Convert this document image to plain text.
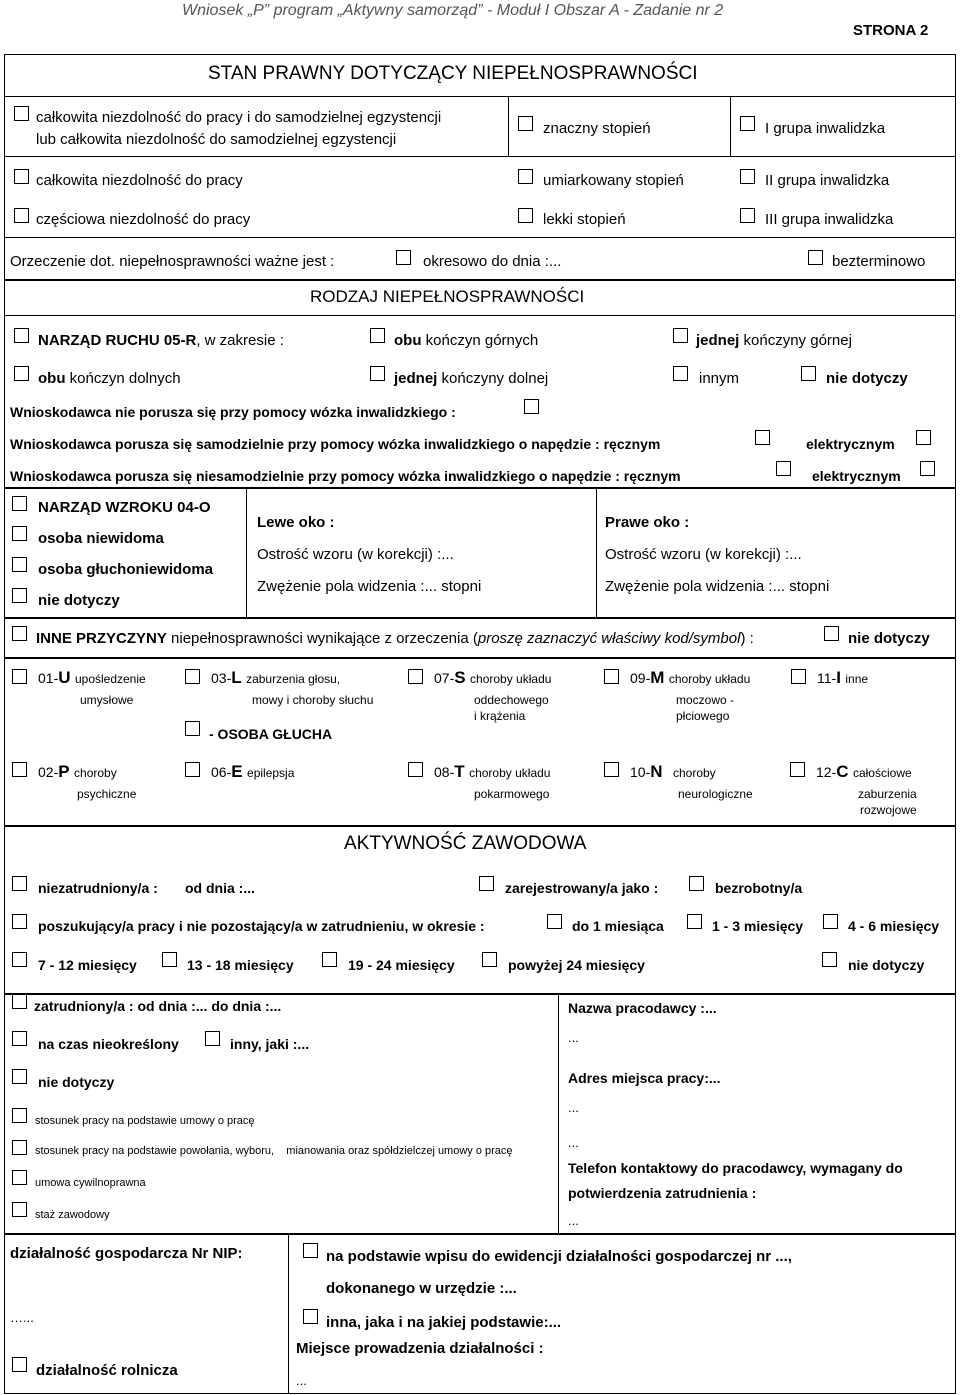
Wniosek „P” program „Aktywny samorząd” - Moduł I Obszar A - Zadanie nr 2
STRONA 2
STAN PRAWNY DOTYCZĄCY NIEPEŁNOSPRAWNOŚCI
całkowita niezdolność do pracy i do samodzielnej egzystencji
lub całkowita niezdolność do samodzielnej egzystencji
znaczny stopień	I grupa inwalidzka
całkowita niezdolność do pracy	umiarkowany stopień	II grupa inwalidzka
częściowa niezdolność do pracy	lekki stopień	III grupa inwalidzka
Orzeczenie dot. niepełnosprawności ważne jest :	okresowo do dnia :...	bezterminowo
RODZAJ NIEPEŁNOSPRAWNOŚCI
NARZĄD RUCHU 05-R, w zakresie :	obu kończyn górnych	jednej kończyny górnej
obu kończyn dolnych	jednej kończyny dolnej	innym	nie dotyczy
Wnioskodawca nie porusza się przy pomocy wózka inwalidzkiego :
Wnioskodawca porusza się samodzielnie przy pomocy wózka inwalidzkiego o napędzie : ręcznym	elektrycznym
Wnioskodawca porusza się niesamodzielnie przy pomocy wózka inwalidzkiego o napędzie : ręcznym	elektrycznym
NARZĄD WZROKU 04-O
osoba niewidoma
osoba głuchoniewidoma
nie dotyczy
Lewe oko :
Ostrość wzoru (w korekcji) :...
Zwężenie pola widzenia :... stopni
Prawe oko :
Ostrość wzoru (w korekcji) :...
Zwężenie pola widzenia :... stopni
INNE PRZYCZYNY niepełnosprawności wynikające z orzeczenia (proszę zaznaczyć właściwy kod/symbol) :	nie dotyczy
01-U upośledzenie
umysłowe
03-L zaburzenia głosu,
mowy i chorоby słuchu
- OSOBA GŁUCHA
07-S choroby układu
oddechowego
i krążenia
09-M choroby układu
moczowo -
płciowego
11-I inne
02-P choroby
psychiczne
06-E epilepsja	08-T choroby układu
pokarmowego
10-N choroby
neurologiczne
12-C całościowe
zaburzenia
rozwojowe
AKTYWNOŚĆ ZAWODOWA
niezatrudniony/a : od dnia :...	zarejestrowany/a jako :	bezrobotny/a
poszukujący/a pracy i nie pozostający/a w zatrudnieniu, w okresie :	do 1 miesiąca	1 - 3 miesięcy	4 - 6 miesięcy
7 - 12 miesięcy	13 - 18 miesięcy	19 - 24 miesięcy	powyżej 24 miesięcy	nie dotyczy
zatrudniony/a : od dnia :... do dnia :...
na czas nieokreślony	inny, jaki :...
nie dotyczy
stosunek pracy na podstawie umowy o pracę
stosunek pracy na podstawie powołania, wyboru,    mianowania oraz spółdzielczej umowy o pracę
umowa cywilnoprawna
staż zawodowy
Nazwa pracodawcy :...
...
Adres miejsca pracy:...
...
...
Telefon kontaktowy do pracodawcy, wymagany do
potwierdzenia zatrudnienia :
...
działalność gospodarcza Nr NIP:
…...
działalność rolnicza
na podstawie wpisu do ewidencji działalności gospodarczej nr ...,
dokonanego w urzędzie :...
inna, jaka i na jakiej podstawie:...
Miejsce prowadzenia działalności :
...
